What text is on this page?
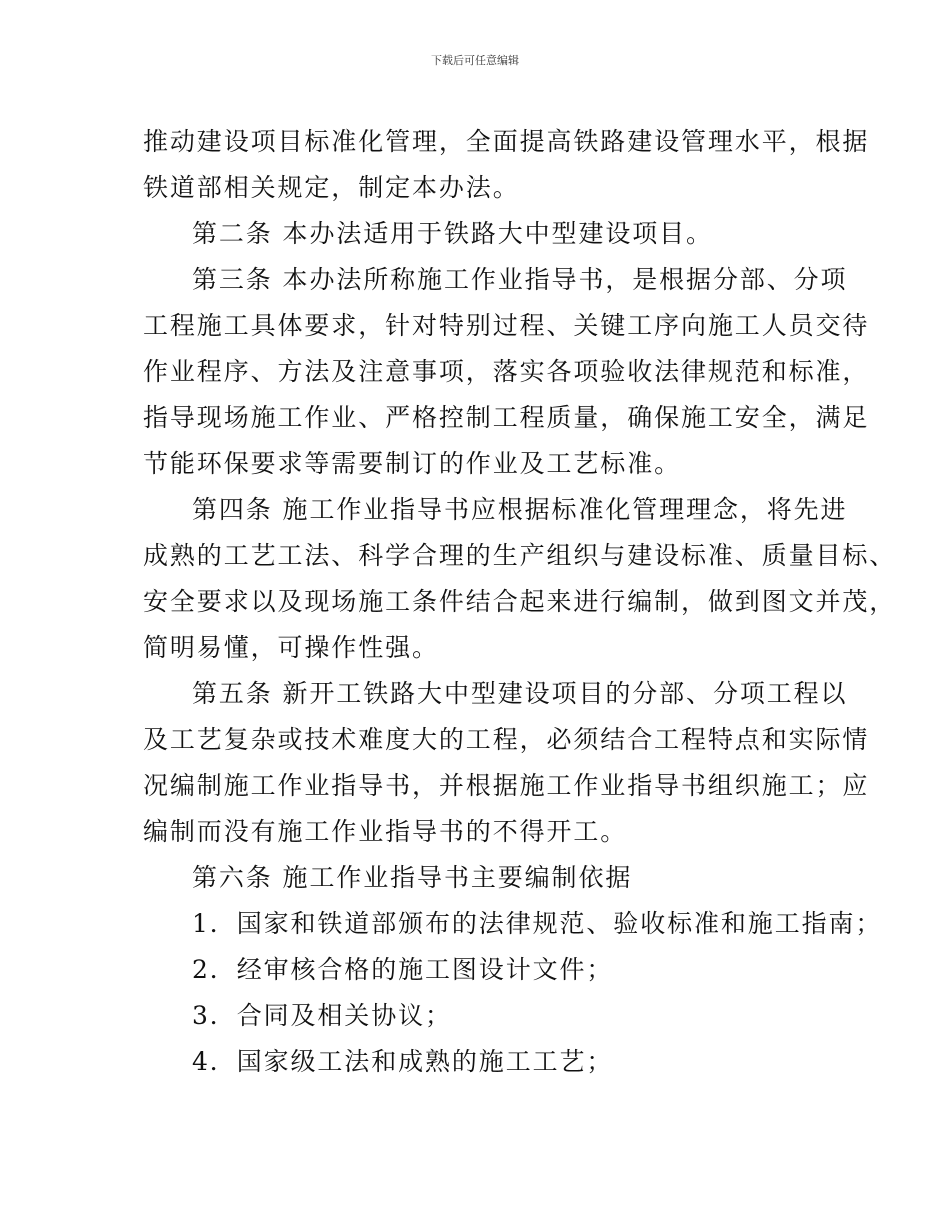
下载后可任意编辑
推动建设项目标准化管理，全面提高铁路建设管理水平，根据
铁道部相关规定，制定本办法。
第二条 本办法适用于铁路大中型建设项目。
第三条 本办法所称施工作业指导书，是根据分部、分项
工程施工具体要求，针对特别过程、关键工序向施工人员交待
作业程序、方法及注意事项，落实各项验收法律规范和标准，
指导现场施工作业、严格控制工程质量，确保施工安全，满足
节能环保要求等需要制订的作业及工艺标准。
第四条 施工作业指导书应根据标准化管理理念，将先进
成熟的工艺工法、科学合理的生产组织与建设标准、质量目标、
安全要求以及现场施工条件结合起来进行编制，做到图文并茂，
简明易懂，可操作性强。
第五条 新开工铁路大中型建设项目的分部、分项工程以
及工艺复杂或技术难度大的工程，必须结合工程特点和实际情
况编制施工作业指导书，并根据施工作业指导书组织施工；应
编制而没有施工作业指导书的不得开工。
第六条 施工作业指导书主要编制依据
1．国家和铁道部颁布的法律规范、验收标准和施工指南；
2．经审核合格的施工图设计文件；
3．合同及相关协议；
4．国家级工法和成熟的施工工艺；
